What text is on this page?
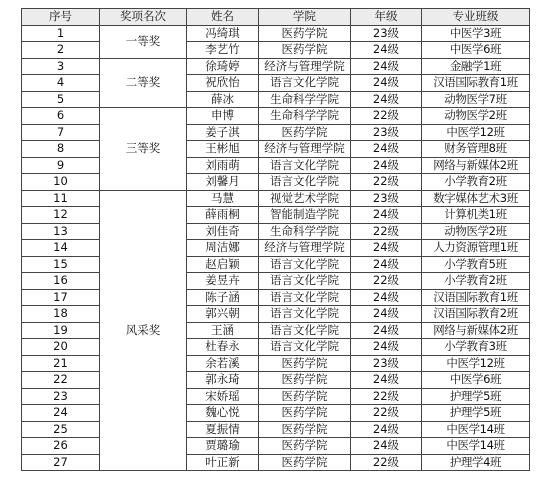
序号	奖项名次	姓名	学院	年级	专业班级
1	一等奖	冯绮琪	医药学院	23级	中医学3班
2		李艺竹	医药学院	24级	中医学6班
3	二等奖	徐琦婷	经济与管理学院	24级	金融学1班
4		祝欣怡	语言文化学院	24级	汉语国际教育1班
5		薛冰	生命科学学院	24级	动物医学7班
6	三等奖	申博	生命科学学院	22级	动物医学2班
7		姜子淇	医药学院	23级	中医学12班
8		王彬旭	经济与管理学院	24级	财务管理8班
9		刘雨萌	语言文化学院	24级	网络与新媒体2班
10		刘馨月	语言文化学院	22级	小学教育2班
11	风采奖	马慧	视觉艺术学院	23级	数字媒体艺术3班
12		薛雨桐	智能制造学院	24级	计算机类1班
13		刘佳奇	生命科学学院	22级	动物医学2班
14		周洁娜	经济与管理学院	24级	人力资源管理1班
15		赵启颖	语言文化学院	24级	小学教育5班
16		姜昱卉	语言文化学院	22级	小学教育2班
17		陈子涵	语言文化学院	24级	汉语国际教育1班
18		郭兴朝	语言文化学院	24级	汉语国际教育2班
19		王涵	语言文化学院	24级	网络与新媒体2班
20		杜春永	语言文化学院	24级	小学教育3班
21		余若溪	医药学院	23级	中医学12班
22		郭永琦	医药学院	24级	中医学6班
23		宋娇瑶	医药学院	22级	护理学5班
24		魏心悦	医药学院	22级	护理学5班
25		夏振情	医药学院	24级	中医学14班
26		贾璐瑜	医药学院	24级	中医学14班
27		叶正新	医药学院	22级	护理学4班
